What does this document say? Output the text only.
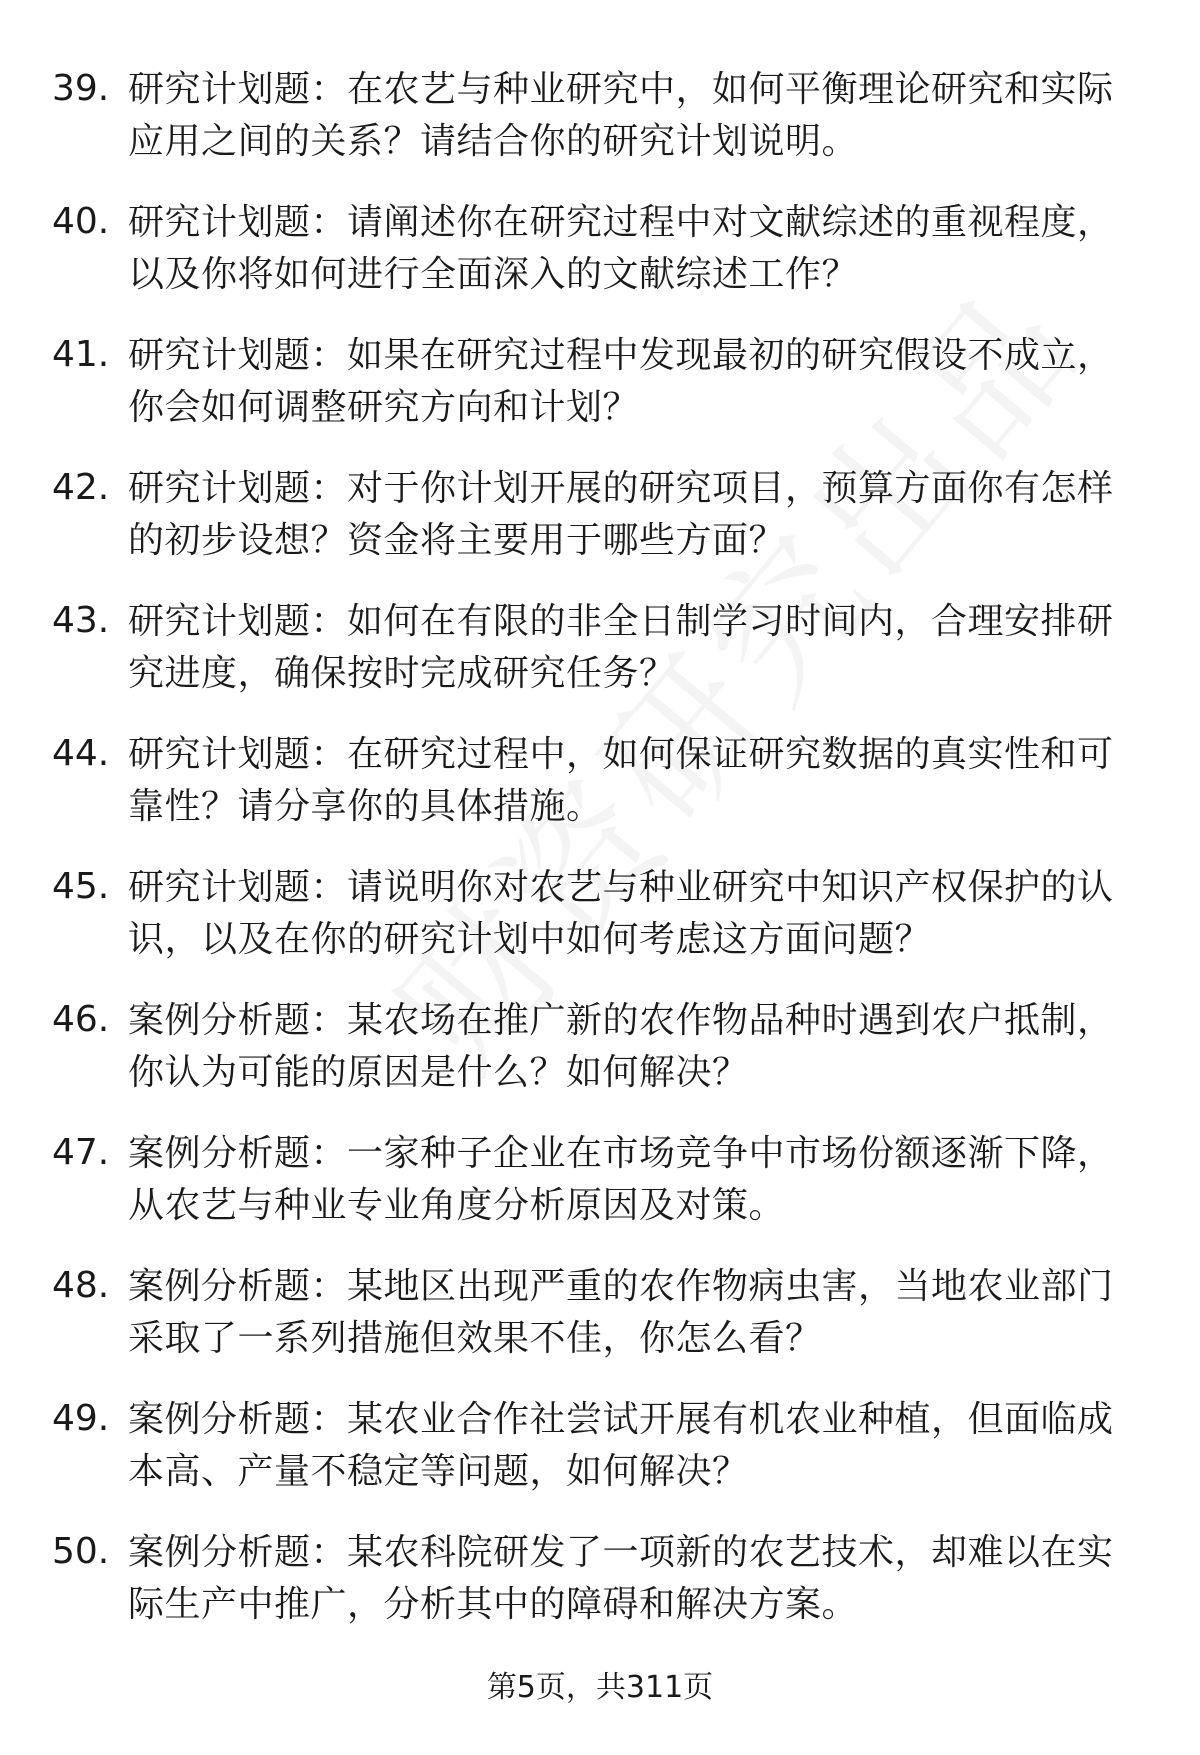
39. 研究计划题：在农艺与种业研究中，如何平衡理论研究和实际应用之间的关系？请结合你的研究计划说明。
40. 研究计划题：请阐述你在研究过程中对文献综述的重视程度，以及你将如何进行全面深入的文献综述工作？
41. 研究计划题：如果在研究过程中发现最初的研究假设不成立，你会如何调整研究方向和计划？
42. 研究计划题：对于你计划开展的研究项目，预算方面你有怎样的初步设想？资金将主要用于哪些方面？
43. 研究计划题：如何在有限的非全日制学习时间内，合理安排研究进度，确保按时完成研究任务？
44. 研究计划题：在研究过程中，如何保证研究数据的真实性和可靠性？请分享你的具体措施。
45. 研究计划题：请说明你对农艺与种业研究中知识产权保护的认识，以及在你的研究计划中如何考虑这方面问题？
46. 案例分析题：某农场在推广新的农作物品种时遇到农户抵制，你认为可能的原因是什么？如何解决？
47. 案例分析题：一家种子企业在市场竞争中市场份额逐渐下降，从农艺与种业专业角度分析原因及对策。
48. 案例分析题：某地区出现严重的农作物病虫害，当地农业部门采取了一系列措施但效果不佳，你怎么看？
49. 案例分析题：某农业合作社尝试开展有机农业种植，但面临成本高、产量不稳定等问题，如何解决？
50. 案例分析题：某农科院研发了一项新的农艺技术，却难以在实际生产中推广，分析其中的障碍和解决方案。
第5页，共311页
